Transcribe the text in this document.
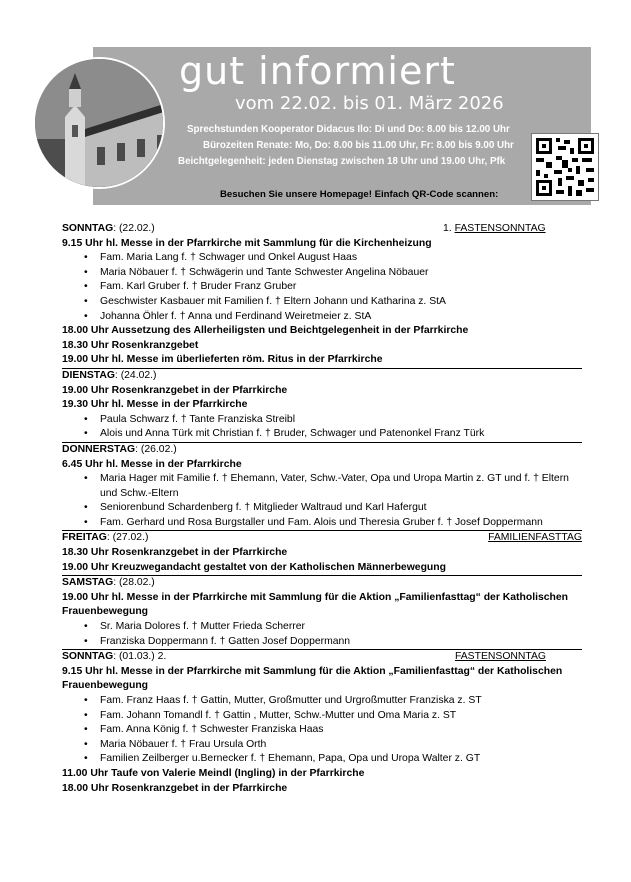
gut informiert
vom 22.02. bis 01. März 2026
Sprechstunden Kooperator Didacus Ilo: Di und Do: 8.00 bis 12.00 Uhr
Bürozeiten Renate: Mo, Do: 8.00 bis 11.00 Uhr, Fr: 8.00 bis 9.00 Uhr
Beichtgelegenheit: jeden Dienstag zwischen 18 Uhr und 19.00 Uhr, Pfk
Besuchen Sie unsere Homepage! Einfach QR-Code scannen:
SONNTAG: (22.02.)	1. FASTENSONNTAG
9.15 Uhr hl. Messe in der Pfarrkirche mit Sammlung für die Kirchenheizung
• Fam. Maria Lang f. † Schwager und Onkel August Haas
• Maria Nöbauer f. † Schwägerin und Tante Schwester Angelina Nöbauer
• Fam. Karl Gruber f. † Bruder Franz Gruber
• Geschwister Kasbauer mit Familien f. † Eltern Johann und Katharina z. StA
• Johanna Öhler f. † Anna und Ferdinand Weiretmeier z. StA
18.00 Uhr Aussetzung des Allerheiligsten und Beichtgelegenheit in der Pfarrkirche
18.30 Uhr Rosenkranzgebet
19.00 Uhr hl. Messe im überlieferten röm. Ritus in der Pfarrkirche
DIENSTAG: (24.02.)
19.00 Uhr Rosenkranzgebet in der Pfarrkirche
19.30 Uhr hl. Messe in der Pfarrkirche
• Paula Schwarz f. † Tante Franziska Streibl
• Alois und Anna Türk mit Christian f. † Bruder, Schwager und Patenonkel Franz Türk
DONNERSTAG: (26.02.)
6.45 Uhr hl. Messe in der Pfarrkirche
• Maria Hager mit Familie f. † Ehemann, Vater, Schw.-Vater, Opa und Uropa Martin z. GT und f. † Eltern und Schw.-Eltern
• Seniorenbund Schardenberg f. † Mitglieder Waltraud und Karl Hafergut
• Fam. Gerhard und Rosa Burgstaller und Fam. Alois und Theresia Gruber f. † Josef Doppermann
FREITAG: (27.02.)	FAMILIENFASTTAG
18.30 Uhr Rosenkranzgebet in der Pfarrkirche
19.00 Uhr Kreuzwegandacht gestaltet von der Katholischen Männerbewegung
SAMSTAG: (28.02.)
19.00 Uhr hl. Messe in der Pfarrkirche mit Sammlung für die Aktion „Familienfasttag“ der Katholischen Frauenbewegung
• Sr. Maria Dolores f. † Mutter Frieda Scherrer
• Franziska Doppermann f. † Gatten Josef Doppermann
SONNTAG: (01.03.) 2.	FASTENSONNTAG
9.15 Uhr hl. Messe in der Pfarrkirche mit Sammlung für die Aktion „Familienfasttag“ der Katholischen Frauenbewegung
• Fam. Franz Haas f. † Gattin, Mutter, Großmutter und Urgroßmutter Franziska z. ST
• Fam. Johann Tomandl f. † Gattin , Mutter, Schw.-Mutter und Oma Maria z. ST
• Fam. Anna König f. † Schwester Franziska Haas
• Maria Nöbauer f. † Frau Ursula Orth
• Familien Zeilberger u.Bernecker f. † Ehemann, Papa, Opa und Uropa Walter z. GT
11.00 Uhr Taufe von Valerie Meindl (Ingling) in der Pfarrkirche
18.00 Uhr Rosenkranzgebet in der Pfarrkirche
